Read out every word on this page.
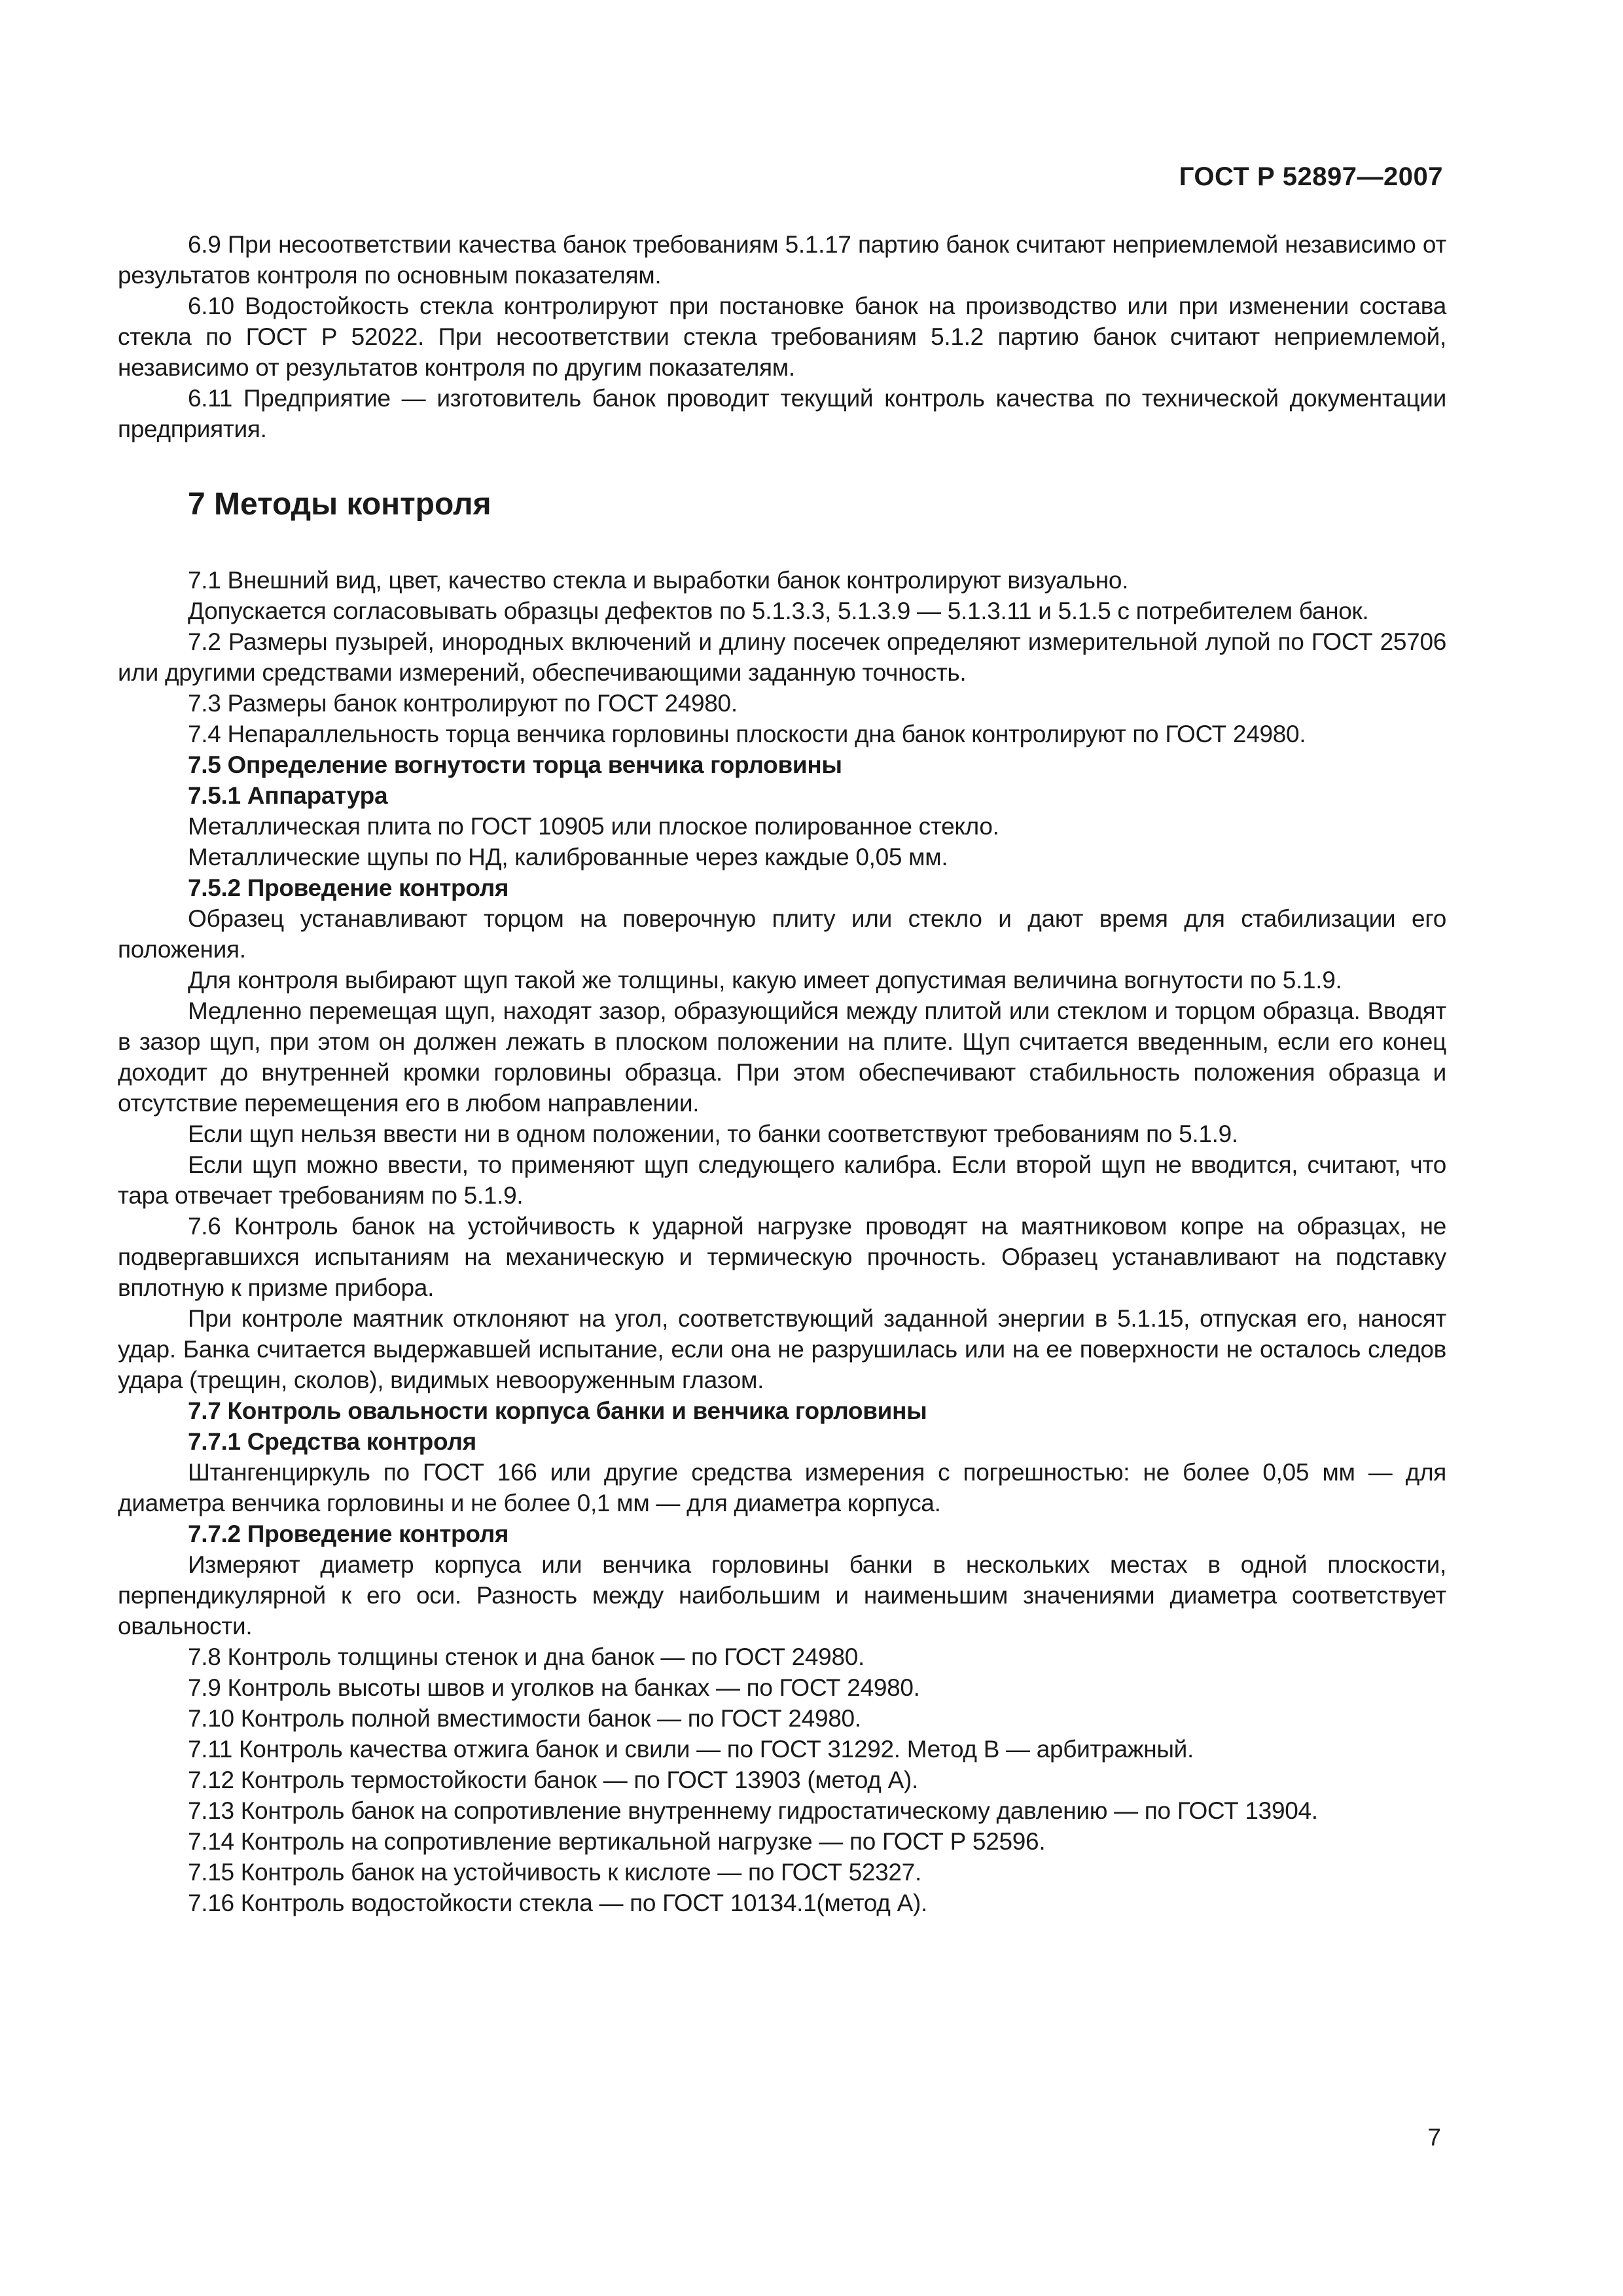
ГОСТ Р 52897—2007

6.9 При несоответствии качества банок требованиям 5.1.17 партию банок считают неприемлемой независимо от результатов контроля по основным показателям.

6.10 Водостойкость стекла контролируют при постановке банок на производство или при изменении состава стекла по ГОСТ Р 52022. При несоответствии стекла требованиям 5.1.2 партию банок считают неприемлемой, независимо от результатов контроля по другим показателям.

6.11 Предприятие — изготовитель банок проводит текущий контроль качества по технической документации предприятия.

7 Методы контроля

7.1 Внешний вид, цвет, качество стекла и выработки банок контролируют визуально.

Допускается согласовывать образцы дефектов по 5.1.3.3, 5.1.3.9 — 5.1.3.11 и 5.1.5 с потребителем банок.

7.2 Размеры пузырей, инородных включений и длину посечек определяют измерительной лупой по ГОСТ 25706 или другими средствами измерений, обеспечивающими заданную точность.

7.3 Размеры банок контролируют по ГОСТ 24980.

7.4 Непараллельность торца венчика горловины плоскости дна банок контролируют по ГОСТ 24980.

7.5 Определение вогнутости торца венчика горловины

7.5.1 Аппаратура

Металлическая плита по ГОСТ 10905 или плоское полированное стекло.

Металлические щупы по НД, калиброванные через каждые 0,05 мм.

7.5.2 Проведение контроля

Образец устанавливают торцом на поверочную плиту или стекло и дают время для стабилизации его положения.

Для контроля выбирают щуп такой же толщины, какую имеет допустимая величина вогнутости по 5.1.9.

Медленно перемещая щуп, находят зазор, образующийся между плитой или стеклом и торцом образца. Вводят в зазор щуп, при этом он должен лежать в плоском положении на плите. Щуп считается введенным, если его конец доходит до внутренней кромки горловины образца. При этом обеспечивают стабильность положения образца и отсутствие перемещения его в любом направлении.

Если щуп нельзя ввести ни в одном положении, то банки соответствуют требованиям по 5.1.9.

Если щуп можно ввести, то применяют щуп следующего калибра. Если второй щуп не вводится, считают, что тара отвечает требованиям по 5.1.9.

7.6 Контроль банок на устойчивость к ударной нагрузке проводят на маятниковом копре на образцах, не подвергавшихся испытаниям на механическую и термическую прочность. Образец устанавливают на подставку вплотную к призме прибора.

При контроле маятник отклоняют на угол, соответствующий заданной энергии в 5.1.15, отпуская его, наносят удар. Банка считается выдержавшей испытание, если она не разрушилась или на ее поверхности не осталось следов удара (трещин, сколов), видимых невооруженным глазом.

7.7 Контроль овальности корпуса банки и венчика горловины

7.7.1 Средства контроля

Штангенциркуль по ГОСТ 166 или другие средства измерения с погрешностью: не более 0,05 мм — для диаметра венчика горловины и не более 0,1 мм — для диаметра корпуса.

7.7.2 Проведение контроля

Измеряют диаметр корпуса или венчика горловины банки в нескольких местах в одной плоскости, перпендикулярной к его оси. Разность между наибольшим и наименьшим значениями диаметра соответствует овальности.

7.8 Контроль толщины стенок и дна банок — по ГОСТ 24980.

7.9 Контроль высоты швов и уголков на банках — по ГОСТ 24980.

7.10 Контроль полной вместимости банок — по ГОСТ 24980.

7.11 Контроль качества отжига банок и свили — по ГОСТ 31292. Метод В — арбитражный.

7.12 Контроль термостойкости банок — по ГОСТ 13903 (метод А).

7.13 Контроль банок на сопротивление внутреннему гидростатическому давлению — по ГОСТ 13904.

7.14 Контроль на сопротивление вертикальной нагрузке — по ГОСТ Р 52596.

7.15 Контроль банок на устойчивость к кислоте — по ГОСТ 52327.

7.16 Контроль водостойкости стекла — по ГОСТ 10134.1(метод А).

7
